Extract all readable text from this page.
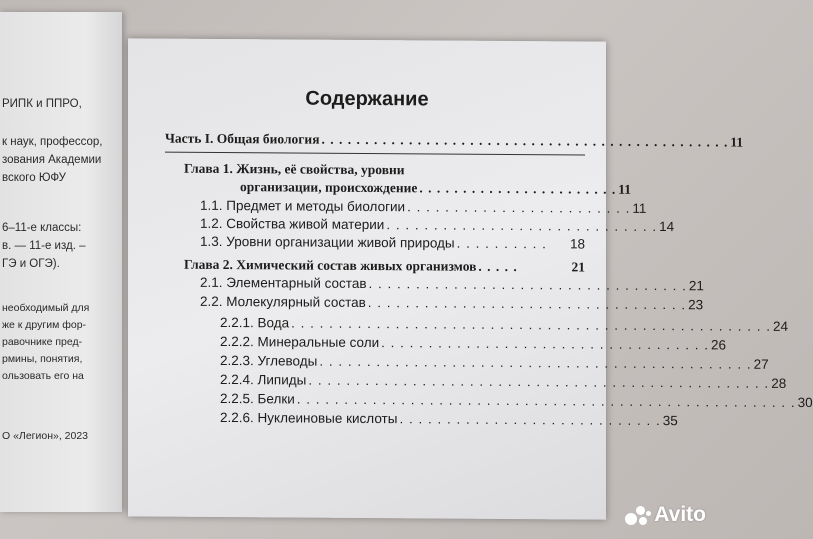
РИПК и ППРО,
к наук, профессор,
зования Академии
вского ЮФУ
6–11-е классы:
в. — 11-е изд. –
ГЭ и ОГЭ).
необходимый для
же к другим фор-
равочнике пред-
рмины, понятия,
ользовать его на
О «Легион», 2023
Содержание
Часть I. Общая биология . . . . . . . . . . . . . . . . . . . . . . . . . . . . . . . . . . . . . . . . . . . . . . . 11
Глава 1. Жизнь, её свойства, уровни
организации, происхождение . . . . . . . . . . . . . . . . . . . . . . . 11
1.1. Предмет и методы биологии . . . . . . . . . . . . . . . . . . . . . . . . 11
1.2. Свойства живой материи . . . . . . . . . . . . . . . . . . . . . . . . . . . . . 14
1.3. Уровни организации живой природы . . . . . . . . . .	18
Глава 2. Химический состав живых организмов . . . . .	21
2.1. Элементарный состав . . . . . . . . . . . . . . . . . . . . . . . . . . . . . . . . . . 21
2.2. Молекулярный состав . . . . . . . . . . . . . . . . . . . . . . . . . . . . . . . . . . 23
2.2.1. Вода . . . . . . . . . . . . . . . . . . . . . . . . . . . . . . . . . . . . . . . . . . . . . . . . . . . 24
2.2.2. Минеральные соли . . . . . . . . . . . . . . . . . . . . . . . . . . . . . . . . . . . 26
2.2.3. Углеводы . . . . . . . . . . . . . . . . . . . . . . . . . . . . . . . . . . . . . . . . . . . . . . 27
2.2.4. Липиды . . . . . . . . . . . . . . . . . . . . . . . . . . . . . . . . . . . . . . . . . . . . . . . . . 28
2.2.5. Белки . . . . . . . . . . . . . . . . . . . . . . . . . . . . . . . . . . . . . . . . . . . . . . . . . . . . . 30
2.2.6. Нуклеиновые кислоты . . . . . . . . . . . . . . . . . . . . . . . . . . . . 35
Avito
